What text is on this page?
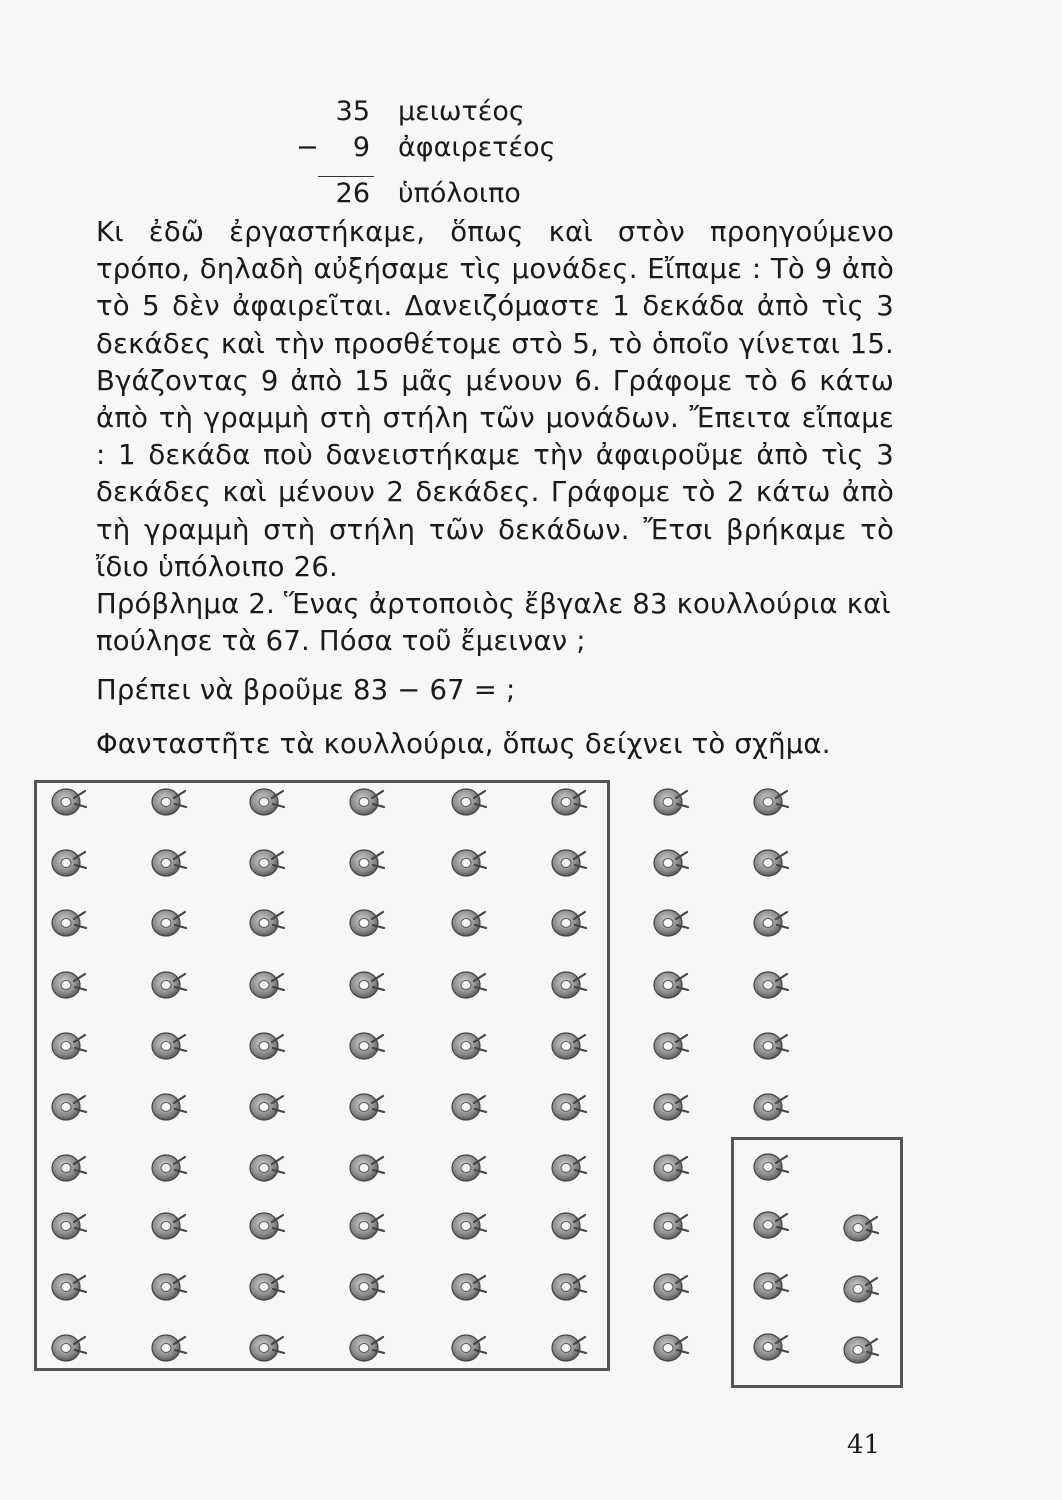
35 μειωτέος
−	9 ἀφαιρετέος
26 ὑπόλοιπο

Κι ἐδῶ ἐργαστήκαμε, ὅπως καὶ στὸν προηγούμενο τρόπο, δηλαδὴ αὐξήσαμε τὶς μονάδες. Εἴπαμε : Τὸ 9 ἀπὸ τὸ 5 δὲν ἀφαιρεῖται. Δανειζόμαστε 1 δεκάδα ἀπὸ τὶς 3 δεκάδες καὶ τὴν προσθέτομε στὸ 5, τὸ ὁποῖο γίνεται 15. Βγάζοντας 9 ἀπὸ 15 μᾶς μένουν 6. Γράφομε τὸ 6 κάτω ἀπὸ τὴ γραμμὴ στὴ στήλη τῶν μονάδων. Ἔπειτα εἴπαμε : 1 δεκάδα ποὺ δανειστήκαμε τὴν ἀφαιροῦμε ἀπὸ τὶς 3 δεκάδες καὶ μένουν 2 δεκάδες. Γράφομε τὸ 2 κάτω ἀπὸ τὴ γραμμὴ στὴ στήλη τῶν δεκάδων. Ἔτσι βρήκαμε τὸ ἴδιο ὑπόλοιπο 26.

Πρόβλημα 2. Ἕνας ἀρτοποιὸς ἔβγαλε 83 κουλλούρια καὶ πούλησε τὰ 67. Πόσα τοῦ ἔμειναν ;

Πρέπει νὰ βροῦμε 83 − 67 = ;

Φανταστῆτε τὰ κουλλούρια, ὅπως δείχνει τὸ σχῆμα.

41
